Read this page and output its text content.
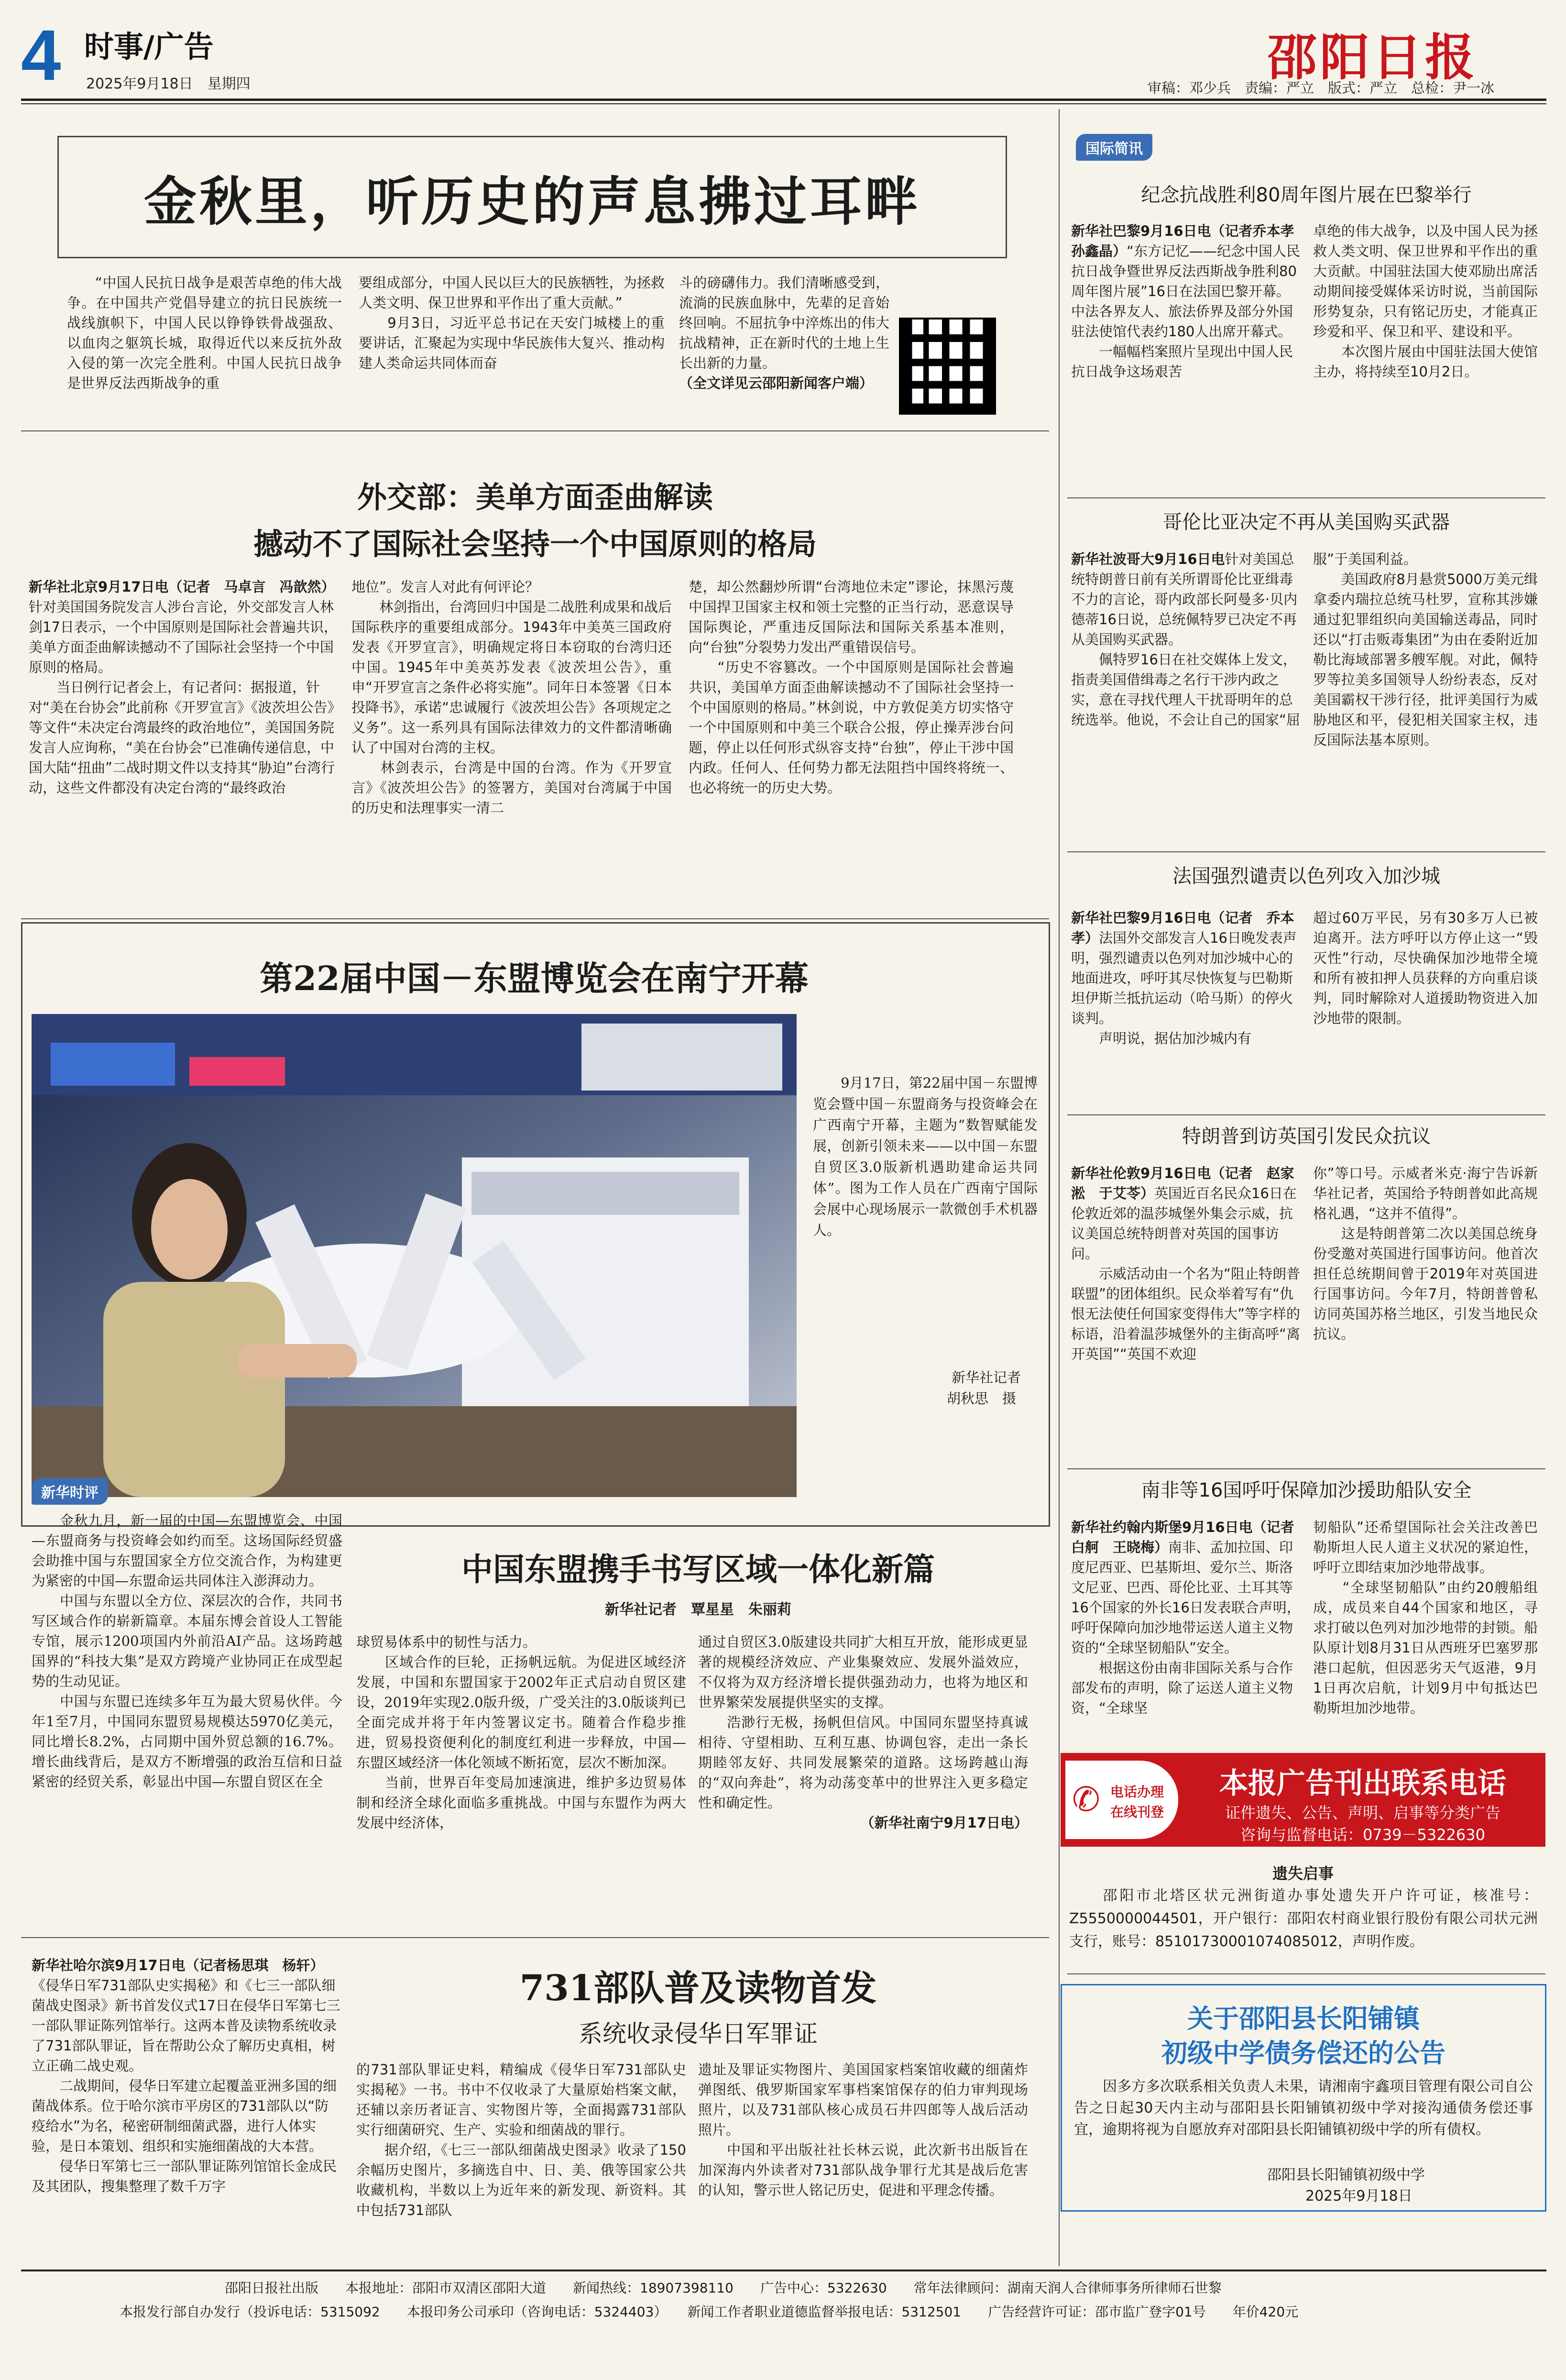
4 时事/广告
2025年9月18日　星期四	邵阳日报
审稿：邓少兵　责编：严立　版式：严立　总检：尹一冰
金秋里，听历史的声息拂过耳畔
　　“中国人民抗日战争是艰苦卓绝的伟大战争。在中国共产党倡导建立的抗日民族统一战线旗帜下，中国人民以铮铮铁骨战强敌、以血肉之躯筑长城，取得近代以来反抗外敌入侵的第一次完全胜利。中国人民抗日战争是世界反法西斯战争的重
要组成部分，中国人民以巨大的民族牺牲，为拯救人类文明、保卫世界和平作出了重大贡献。”
　　9月3日，习近平总书记在天安门城楼上的重要讲话，汇聚起为实现中华民族伟大复兴、推动构建人类命运共同体而奋
斗的磅礴伟力。我们清晰感受到，流淌的民族血脉中，先辈的足音始终回响。不屈抗争中淬炼出的伟大抗战精神，正在新时代的土地上生长出新的力量。
（全文详见云邵阳新闻客户端）
外交部：美单方面歪曲解读
撼动不了国际社会坚持一个中国原则的格局
新华社北京9月17日电（记者　马卓言　冯歆然）针对美国国务院发言人涉台言论，外交部发言人林剑17日表示，一个中国原则是国际社会普遍共识，美单方面歪曲解读撼动不了国际社会坚持一个中国原则的格局。
　　当日例行记者会上，有记者问：据报道，针对“美在台协会”此前称《开罗宣言》《波茨坦公告》等文件“未决定台湾最终的政治地位”，美国国务院发言人应询称，“美在台协会”已准确传递信息，中国大陆“扭曲”二战时期文件以支持其“胁迫”台湾行动，这些文件都没有决定台湾的“最终政治
地位”。发言人对此有何评论？
　　林剑指出，台湾回归中国是二战胜利成果和战后国际秩序的重要组成部分。1943年中美英三国政府发表《开罗宣言》，明确规定将日本窃取的台湾归还中国。1945年中美英苏发表《波茨坦公告》，重申“开罗宣言之条件必将实施”。同年日本签署《日本投降书》，承诺“忠诚履行《波茨坦公告》各项规定之义务”。这一系列具有国际法律效力的文件都清晰确认了中国对台湾的主权。
　　林剑表示，台湾是中国的台湾。作为《开罗宣言》《波茨坦公告》的签署方，美国对台湾属于中国的历史和法理事实一清二
楚，却公然翻炒所谓“台湾地位未定”谬论，抹黑污蔑中国捍卫国家主权和领土完整的正当行动，恶意误导国际舆论，严重违反国际法和国际关系基本准则，向“台独”分裂势力发出严重错误信号。
　　“历史不容篡改。一个中国原则是国际社会普遍共识，美国单方面歪曲解读撼动不了国际社会坚持一个中国原则的格局。”林剑说，中方敦促美方切实恪守一个中国原则和中美三个联合公报，停止操弄涉台问题，停止以任何形式纵容支持“台独”，停止干涉中国内政。任何人、任何势力都无法阻挡中国终将统一、也必将统一的历史大势。
第22届中国－东盟博览会在南宁开幕
　　9月17日，第22届中国－东盟博览会暨中国－东盟商务与投资峰会在广西南宁开幕，主题为“数智赋能发展，创新引领未来——以中国－东盟自贸区3.0版新机遇助建命运共同体”。图为工作人员在广西南宁国际会展中心现场展示一款微创手术机器人。
新华社记者
胡秋思　摄
新华时评
中国东盟携手书写区域一体化新篇
新华社记者　覃星星　朱丽莉
　　金秋九月，新一届的中国—东盟博览会、中国—东盟商务与投资峰会如约而至。这场国际经贸盛会助推中国与东盟国家全方位交流合作，为构建更为紧密的中国—东盟命运共同体注入澎湃动力。
　　中国与东盟以全方位、深层次的合作，共同书写区域合作的崭新篇章。本届东博会首设人工智能专馆，展示1200项国内外前沿AI产品。这场跨越国界的“科技大集”是双方跨境产业协同正在成型起势的生动见证。
　　中国与东盟已连续多年互为最大贸易伙伴。今年1至7月，中国同东盟贸易规模达5970亿美元，同比增长8.2%，占同期中国外贸总额的16.7%。增长曲线背后，是双方不断增强的政治互信和日益紧密的经贸关系，彰显出中国—东盟自贸区在全
球贸易体系中的韧性与活力。
　　区域合作的巨轮，正扬帆远航。为促进区域经济发展，中国和东盟国家于2002年正式启动自贸区建设，2019年实现2.0版升级，广受关注的3.0版谈判已全面完成并将于年内签署议定书。随着合作稳步推进，贸易投资便利化的制度红利进一步释放，中国—东盟区域经济一体化领域不断拓宽，层次不断加深。
　　当前，世界百年变局加速演进，维护多边贸易体制和经济全球化面临多重挑战。中国与东盟作为两大发展中经济体，
通过自贸区3.0版建设共同扩大相互开放，能形成更显著的规模经济效应、产业集聚效应、发展外溢效应，不仅将为双方经济增长提供强劲动力，也将为地区和世界繁荣发展提供坚实的支撑。
　　浩渺行无极，扬帆但信风。中国同东盟坚持真诚相待、守望相助、互利互惠、协调包容，走出一条长期睦邻友好、共同发展繁荣的道路。这场跨越山海的“双向奔赴”，将为动荡变革中的世界注入更多稳定性和确定性。
（新华社南宁9月17日电）
731部队普及读物首发
系统收录侵华日军罪证
新华社哈尔滨9月17日电（记者杨思琪　杨轩）《侵华日军731部队史实揭秘》和《七三一部队细菌战史图录》新书首发仪式17日在侵华日军第七三一部队罪证陈列馆举行。这两本普及读物系统收录了731部队罪证，旨在帮助公众了解历史真相，树立正确二战史观。
　　二战期间，侵华日军建立起覆盖亚洲多国的细菌战体系。位于哈尔滨市平房区的731部队以“防疫给水”为名，秘密研制细菌武器，进行人体实验，是日本策划、组织和实施细菌战的大本营。
　　侵华日军第七三一部队罪证陈列馆馆长金成民及其团队，搜集整理了数千万字
的731部队罪证史料，精编成《侵华日军731部队史实揭秘》一书。书中不仅收录了大量原始档案文献，还辅以亲历者证言、实物图片等，全面揭露731部队实行细菌研究、生产、实验和细菌战的罪行。
　　据介绍，《七三一部队细菌战史图录》收录了150余幅历史图片，多摘选自中、日、美、俄等国家公共收藏机构，半数以上为近年来的新发现、新资料。其中包括731部队
遗址及罪证实物图片、美国国家档案馆收藏的细菌炸弹图纸、俄罗斯国家军事档案馆保存的伯力审判现场照片，以及731部队核心成员石井四郎等人战后活动照片。
　　中国和平出版社社长林云说，此次新书出版旨在加深海内外读者对731部队战争罪行尤其是战后危害的认知，警示世人铭记历史，促进和平理念传播。
国际简讯
纪念抗战胜利80周年图片展在巴黎举行
新华社巴黎9月16日电（记者乔本孝　孙鑫晶）“东方记忆——纪念中国人民抗日战争暨世界反法西斯战争胜利80周年图片展”16日在法国巴黎开幕。中法各界友人、旅法侨界及部分外国驻法使馆代表约180人出席开幕式。
　　一幅幅档案照片呈现出中国人民抗日战争这场艰苦
卓绝的伟大战争，以及中国人民为拯救人类文明、保卫世界和平作出的重大贡献。中国驻法国大使邓励出席活动期间接受媒体采访时说，当前国际形势复杂，只有铭记历史，才能真正珍爱和平、保卫和平、建设和平。
　　本次图片展由中国驻法国大使馆主办，将持续至10月2日。
哥伦比亚决定不再从美国购买武器
新华社波哥大9月16日电针对美国总统特朗普日前有关所谓哥伦比亚缉毒不力的言论，哥内政部长阿曼多·贝内德蒂16日说，总统佩特罗已决定不再从美国购买武器。
　　佩特罗16日在社交媒体上发文，指责美国借缉毒之名行干涉内政之实，意在寻找代理人干扰哥明年的总统选举。他说，不会让自己的国家“屈
服”于美国利益。
　　美国政府8月悬赏5000万美元缉拿委内瑞拉总统马杜罗，宣称其涉嫌通过犯罪组织向美国输送毒品，同时还以“打击贩毒集团”为由在委附近加勒比海域部署多艘军舰。对此，佩特罗等拉美多国领导人纷纷表态，反对美国霸权干涉行径，批评美国行为威胁地区和平，侵犯相关国家主权，违反国际法基本原则。
法国强烈谴责以色列攻入加沙城
新华社巴黎9月16日电（记者　乔本孝）法国外交部发言人16日晚发表声明，强烈谴责以色列对加沙城中心的地面进攻，呼吁其尽快恢复与巴勒斯坦伊斯兰抵抗运动（哈马斯）的停火谈判。
　　声明说，据估加沙城内有
超过60万平民，另有30多万人已被迫离开。法方呼吁以方停止这一“毁灭性”行动，尽快确保加沙地带全境和所有被扣押人员获释的方向重启谈判，同时解除对人道援助物资进入加沙地带的限制。
特朗普到访英国引发民众抗议
新华社伦敦9月16日电（记者　赵家淞　于艾苓）英国近百名民众16日在伦敦近郊的温莎城堡外集会示威，抗议美国总统特朗普对英国的国事访问。
　　示威活动由一个名为“阻止特朗普联盟”的团体组织。民众举着写有“仇恨无法使任何国家变得伟大”等字样的标语，沿着温莎城堡外的主街高呼“离开英国”“英国不欢迎
你”等口号。示威者米克·海宁告诉新华社记者，英国给予特朗普如此高规格礼遇，“这并不值得”。
　　这是特朗普第二次以美国总统身份受邀对英国进行国事访问。他首次担任总统期间曾于2019年对英国进行国事访问。今年7月，特朗普曾私访同英国苏格兰地区，引发当地民众抗议。
南非等16国呼吁保障加沙援助船队安全
新华社约翰内斯堡9月16日电（记者白舸　王晓梅）南非、孟加拉国、印度尼西亚、巴基斯坦、爱尔兰、斯洛文尼亚、巴西、哥伦比亚、土耳其等16个国家的外长16日发表联合声明，呼吁保障向加沙地带运送人道主义物资的“全球坚韧船队”安全。
　　根据这份由南非国际关系与合作部发布的声明，除了运送人道主义物资，“全球坚
韧船队”还希望国际社会关注改善巴勒斯坦人民人道主义状况的紧迫性，呼吁立即结束加沙地带战事。
　　“全球坚韧船队”由约20艘船组成，成员来自44个国家和地区，寻求打破以色列对加沙地带的封锁。船队原计划8月31日从西班牙巴塞罗那港口起航，但因恶劣天气返港，9月1日再次启航，计划9月中旬抵达巴勒斯坦加沙地带。
✆ 电话办理
在线刊登
本报广告刊出联系电话
证件遗失、公告、声明、启事等分类广告
咨询与监督电话：0739－5322630
遗失启事
　　邵阳市北塔区状元洲街道办事处遗失开户许可证，核准号：Z5550000044501，开户银行：邵阳农村商业银行股份有限公司状元洲支行，账号：85101730001074085012，声明作废。
关于邵阳县长阳铺镇
初级中学债务偿还的公告
　　因多方多次联系相关负责人未果，请湘南宇鑫项目管理有限公司自公告之日起30天内主动与邵阳县长阳铺镇初级中学对接沟通债务偿还事宜，逾期将视为自愿放弃对邵阳县长阳铺镇初级中学的所有债权。
邵阳县长阳铺镇初级中学
2025年9月18日
邵阳日报社出版　　本报地址：邵阳市双清区邵阳大道　　新闻热线：18907398110　　广告中心：5322630　　常年法律顾问：湖南天润人合律师事务所律师石世黎
本报发行部自办发行（投诉电话：5315092　　本报印务公司承印（咨询电话：5324403）　　新闻工作者职业道德监督举报电话：5312501　　广告经营许可证：邵市监广登字01号　　年价420元
